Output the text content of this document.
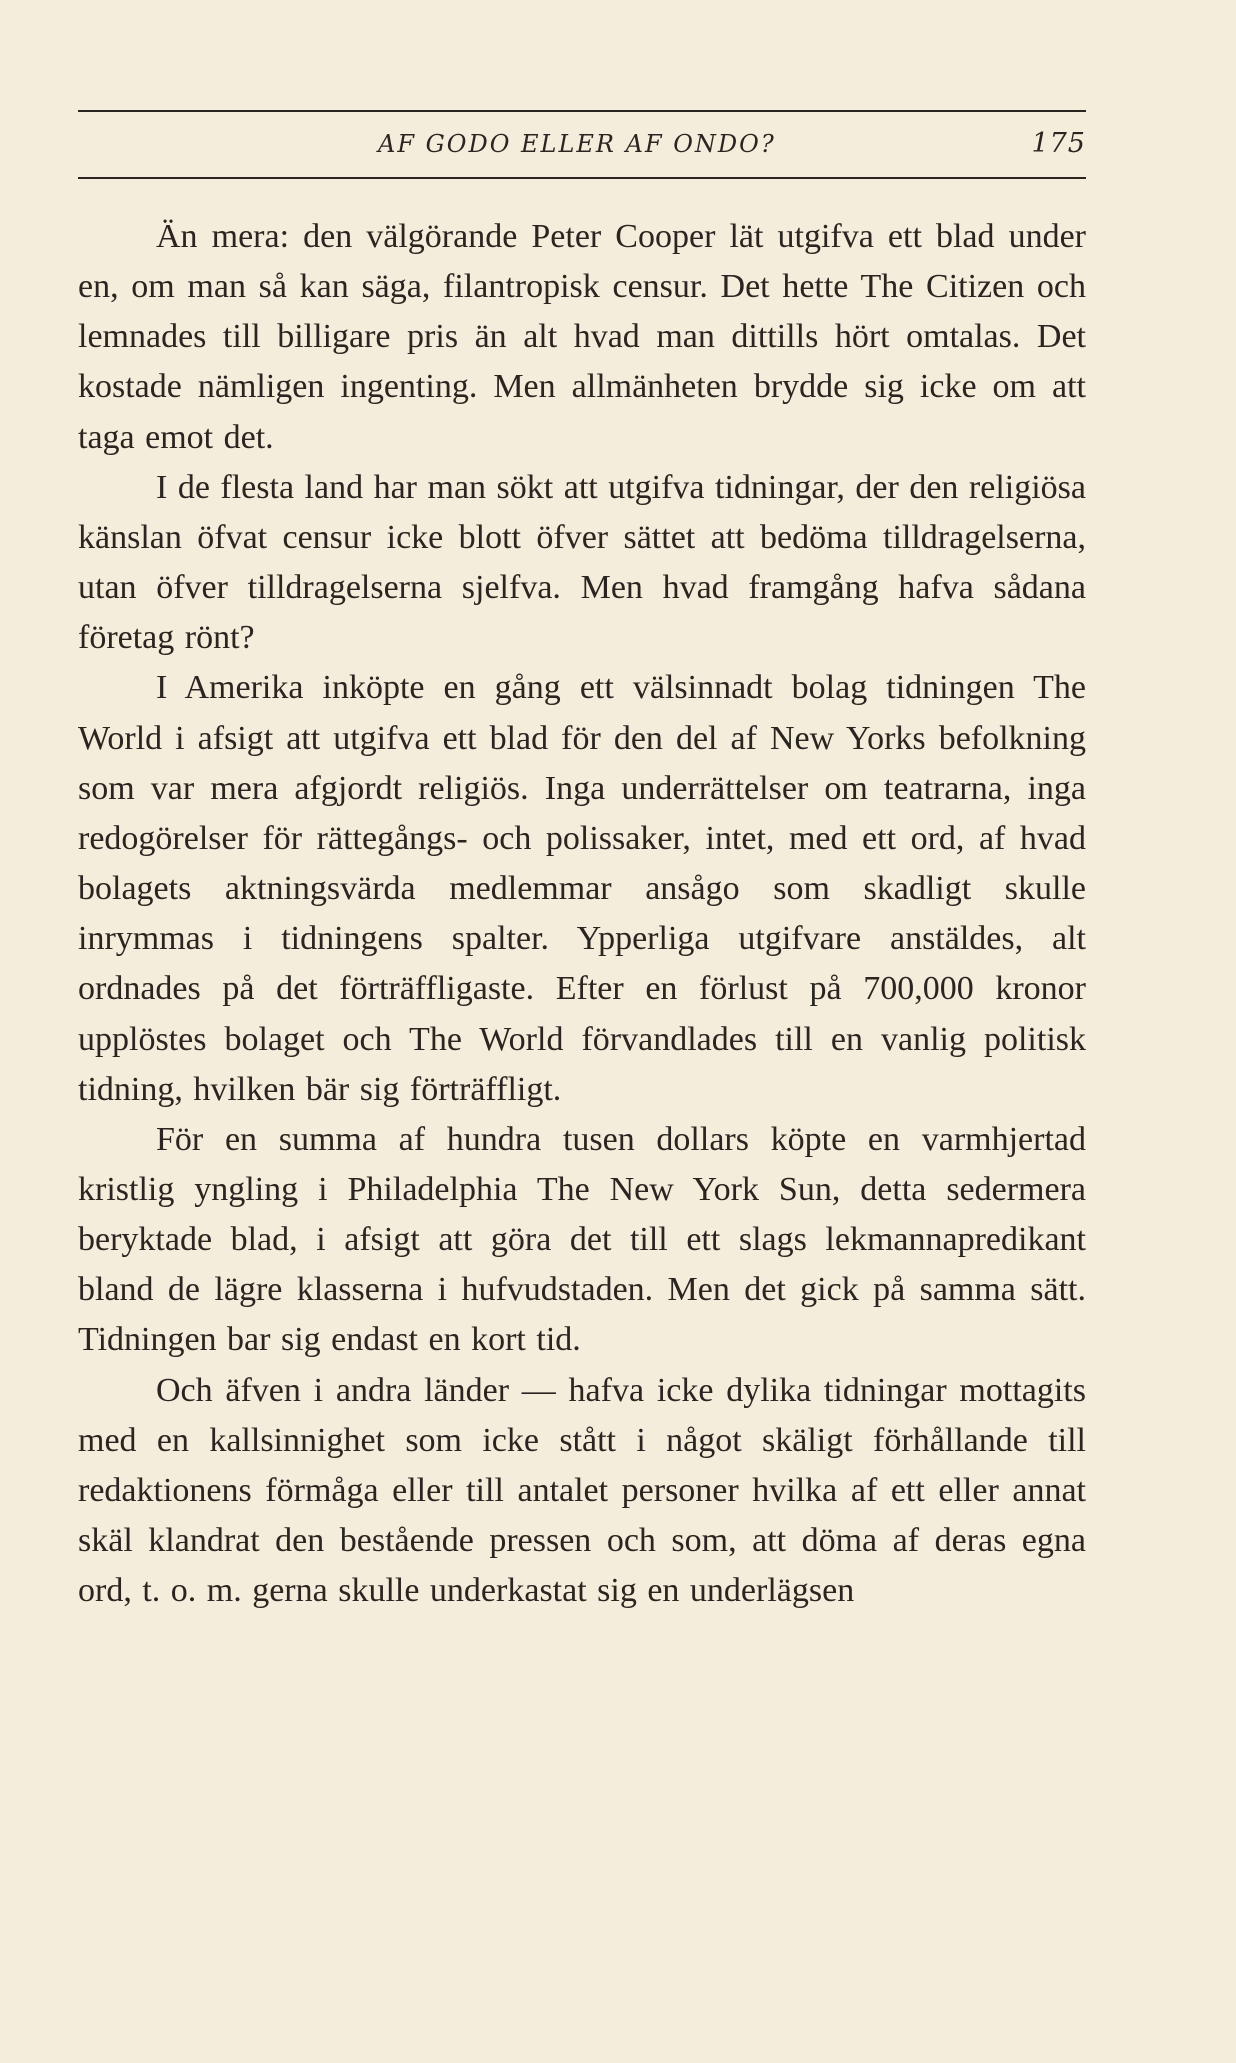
AF GODO ELLER AF ONDO?	175

Än mera: den välgörande Peter Cooper lät utgifva ett blad under en, om man så kan säga, filantropisk censur. Det hette The Citizen och lemnades till billigare pris än alt hvad man dittills hört omtalas. Det kostade nämligen ingenting. Men allmänheten brydde sig icke om att taga emot det.

I de flesta land har man sökt att utgifva tidningar, der den religiösa känslan öfvat censur icke blott öfver sättet att bedöma tilldragelserna, utan öfver tilldragelserna sjelfva. Men hvad framgång hafva sådana företag rönt?

I Amerika inköpte en gång ett välsinnadt bolag tidningen The World i afsigt att utgifva ett blad för den del af New Yorks befolkning som var mera afgjordt religiös. Inga underrättelser om teatrarna, inga redogörelser för rättegångs- och polissaker, intet, med ett ord, af hvad bolagets aktningsvärda medlemmar ansågo som skadligt skulle inrymmas i tidningens spalter. Ypperliga utgifvare anstäldes, alt ordnades på det förträffligaste. Efter en förlust på 700,000 kronor upplöstes bolaget och The World förvandlades till en vanlig politisk tidning, hvilken bär sig förträffligt.

För en summa af hundra tusen dollars köpte en varmhjertad kristlig yngling i Philadelphia The New York Sun, detta sedermera beryktade blad, i afsigt att göra det till ett slags lekmannapredikant bland de lägre klasserna i hufvudstaden. Men det gick på samma sätt. Tidningen bar sig endast en kort tid.

Och äfven i andra länder — hafva icke dylika tidningar mottagits med en kallsinnighet som icke stått i något skäligt förhållande till redaktionens förmåga eller till antalet personer hvilka af ett eller annat skäl klandrat den bestående pressen och som, att döma af deras egna ord, t. o. m. gerna skulle underkastat sig en underlägsen
